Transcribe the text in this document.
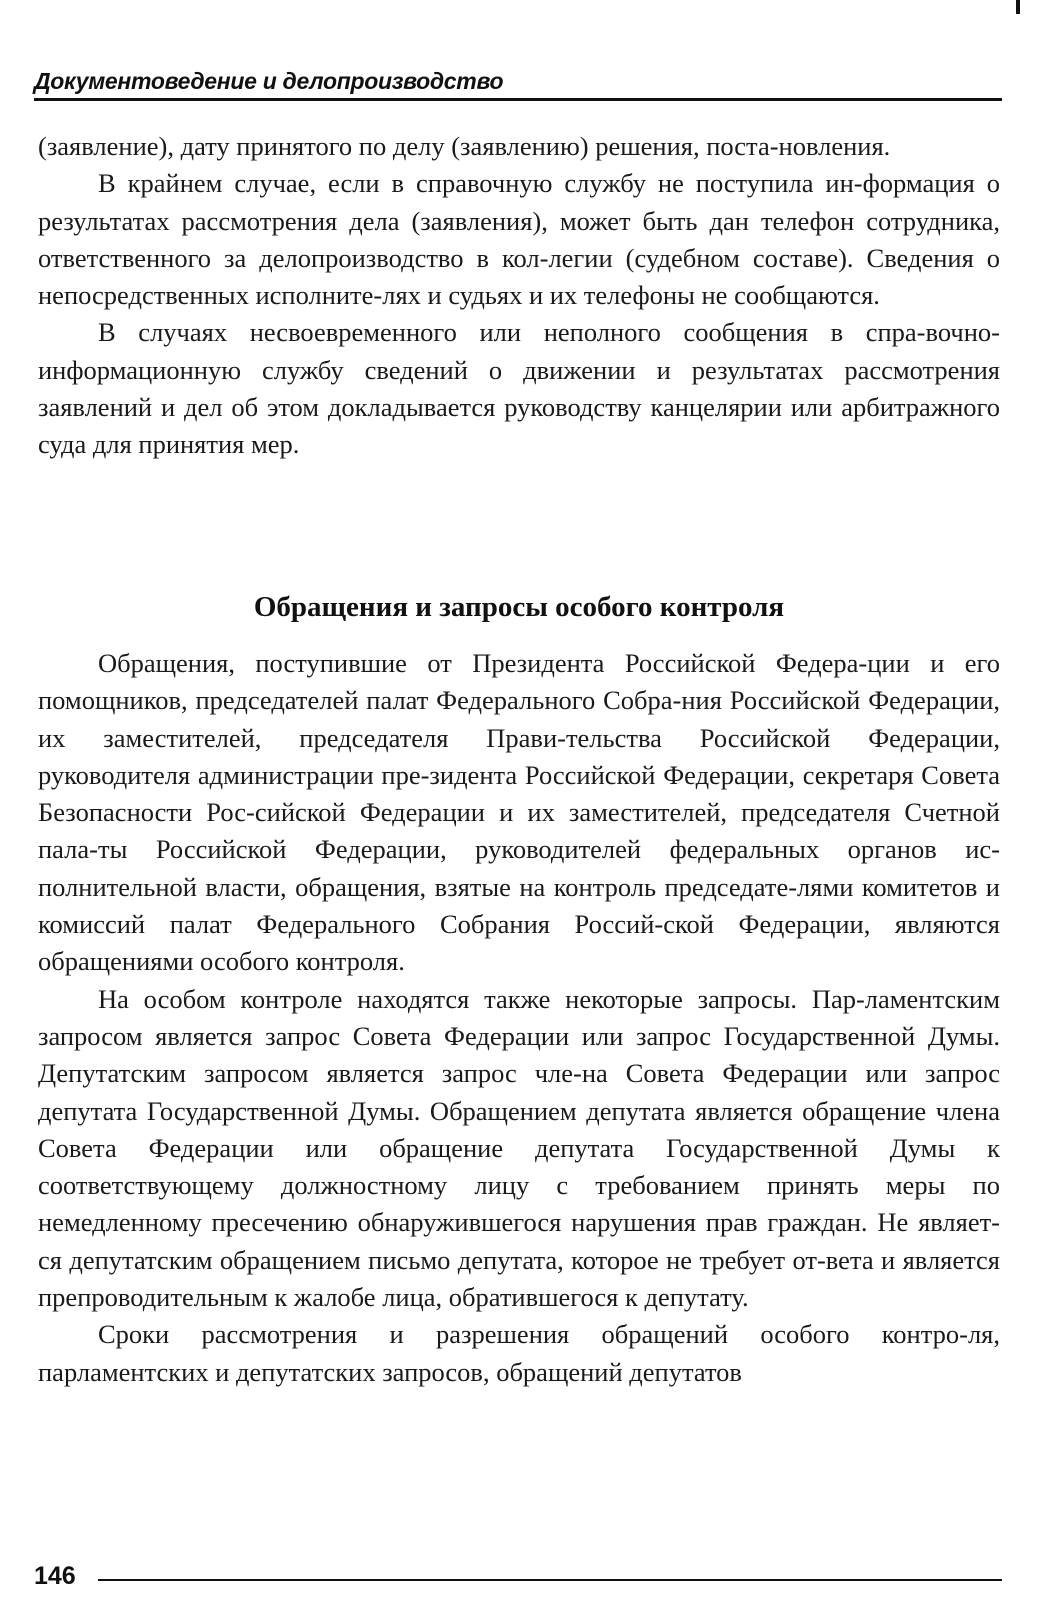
Документоведение и делопроизводство

(заявление), дату принятого по делу (заявлению) решения, поста-новления.

В крайнем случае, если в справочную службу не поступила ин-формация о результатах рассмотрения дела (заявления), может быть дан телефон сотрудника, ответственного за делопроизводство в кол-легии (судебном составе). Сведения о непосредственных исполните-лях и судьях и их телефоны не сообщаются.

В случаях несвоевременного или неполного сообщения в спра-вочно-информационную службу сведений о движении и результатах рассмотрения заявлений и дел об этом докладывается руководству канцелярии или арбитражного суда для принятия мер.

Обращения и запросы особого контроля

Обращения, поступившие от Президента Российской Федера-ции и его помощников, председателей палат Федерального Собра-ния Российской Федерации, их заместителей, председателя Прави-тельства Российской Федерации, руководителя администрации пре-зидента Российской Федерации, секретаря Совета Безопасности Рос-сийской Федерации и их заместителей, председателя Счетной пала-ты Российской Федерации, руководителей федеральных органов ис-полнительной власти, обращения, взятые на контроль председате-лями комитетов и комиссий палат Федерального Собрания Россий-ской Федерации, являются обращениями особого контроля.

На особом контроле находятся также некоторые запросы. Пар-ламентским запросом является запрос Совета Федерации или запрос Государственной Думы. Депутатским запросом является запрос чле-на Совета Федерации или запрос депутата Государственной Думы. Обращением депутата является обращение члена Совета Федерации или обращение депутата Государственной Думы к соответствующему должностному лицу с требованием принять меры по немедленному пресечению обнаружившегося нарушения прав граждан. Не являет-ся депутатским обращением письмо депутата, которое не требует от-вета и является препроводительным к жалобе лица, обратившегося к депутату.

Сроки рассмотрения и разрешения обращений особого контро-ля, парламентских и депутатских запросов, обращений депутатов

146
